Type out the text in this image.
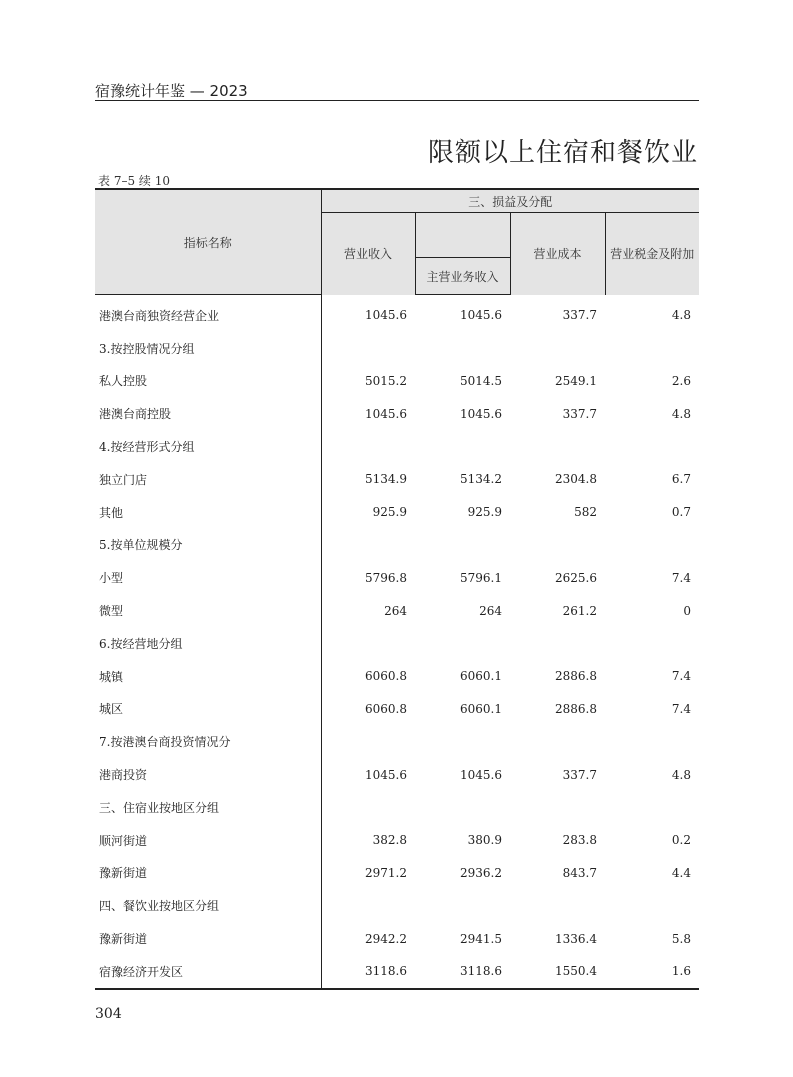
宿豫统计年鉴 — 2023
限额以上住宿和餐饮业
表 7–5 续 10
指标名称	三、损益及分配			
	营业收入		营业成本	营业税金及附加
		主营业务收入		
港澳台商独资经营企业	1045.6	1045.6	337.7	4.8
3.按控股情况分组				
私人控股	5015.2	5014.5	2549.1	2.6
港澳台商控股	1045.6	1045.6	337.7	4.8
4.按经营形式分组				
独立门店	5134.9	5134.2	2304.8	6.7
其他	925.9	925.9	582	0.7
5.按单位规模分				
小型	5796.8	5796.1	2625.6	7.4
微型	264	264	261.2	0
6.按经营地分组				
城镇	6060.8	6060.1	2886.8	7.4
城区	6060.8	6060.1	2886.8	7.4
7.按港澳台商投资情况分				
港商投资	1045.6	1045.6	337.7	4.8
三、住宿业按地区分组				
顺河街道	382.8	380.9	283.8	0.2
豫新街道	2971.2	2936.2	843.7	4.4
四、餐饮业按地区分组				
豫新街道	2942.2	2941.5	1336.4	5.8
宿豫经济开发区	3118.6	3118.6	1550.4	1.6
304
